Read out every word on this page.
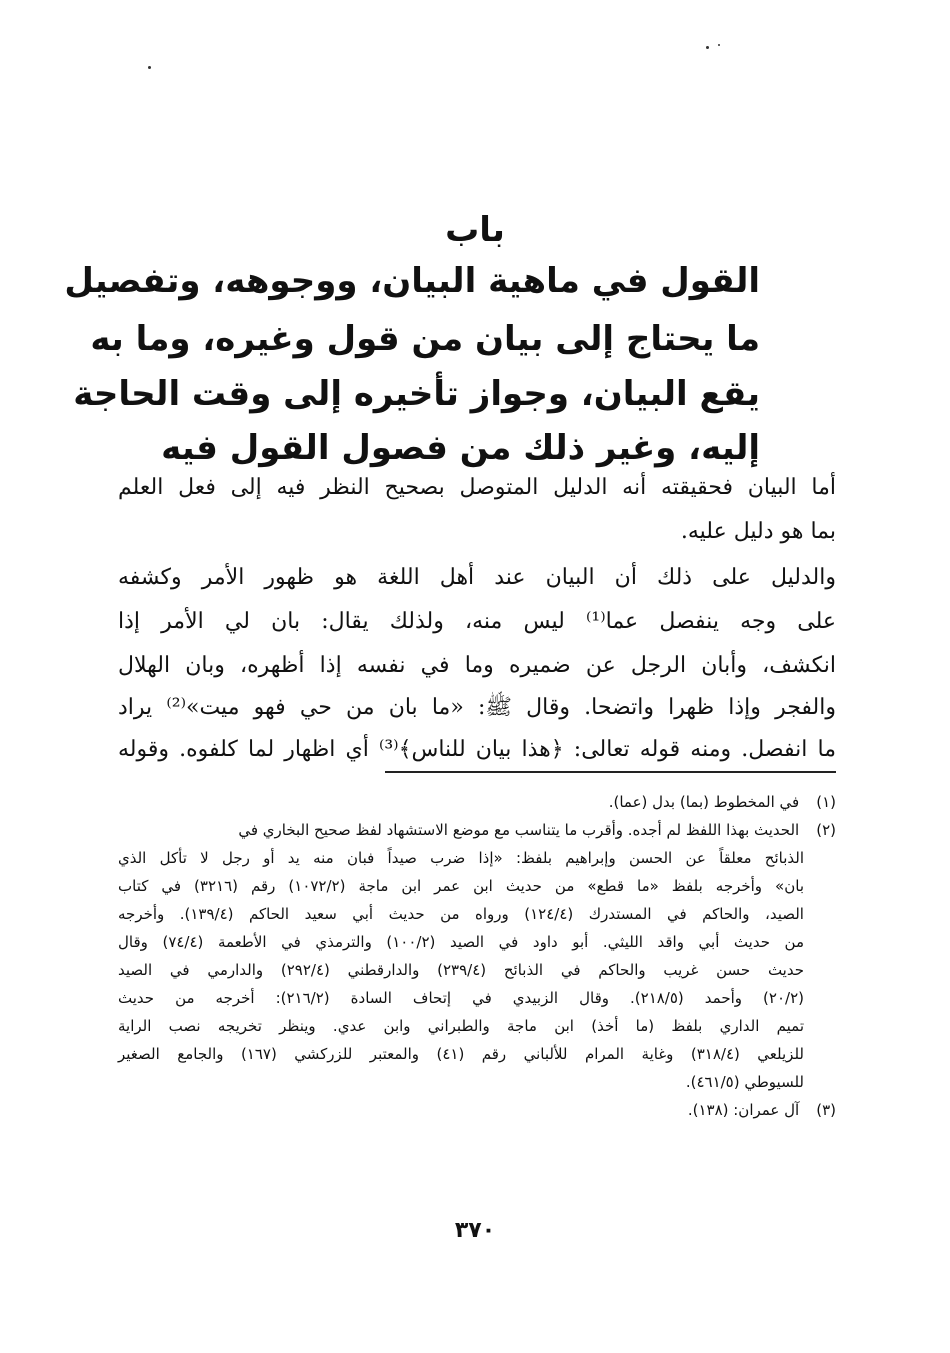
باب
القول في ماهية البيان، ووجوهه، وتفصيل
ما يحتاج إلى بيان من قول وغيره، وما به
يقع البيان، وجواز تأخيره إلى وقت الحاجة
إليه، وغير ذلك من فصول القول فيه
أما البيان فحقيقته أنه الدليل المتوصل بصحيح النظر فيه إلى فعل العلم
بما هو دليل عليه.
والدليل على ذلك أن البيان عند أهل اللغة هو ظهور الأمر وكشفه
على وجه ينفصل عما⁽¹⁾ ليس منه، ولذلك يقال: بان لي الأمر إذا
انكشف، وأبان الرجل عن ضميره وما في نفسه إذا أظهره، وبان الهلال
والفجر وإذا ظهرا واتضحا. وقال ﷺ: «ما بان من حي فهو ميت»⁽²⁾ يراد
ما انفصل. ومنه قوله تعالى: ﴿هذا بيان للناس﴾⁽³⁾ أي اظهار لما كلفوه. وقوله
(١) في المخطوط (بما) بدل (عما).
(٢) الحديث بهذا اللفظ لم أجده. وأقرب ما يتناسب مع موضع الاستشهاد لفظ صحيح البخاري في
الذبائح معلقاً عن الحسن وإبراهيم بلفظ: «إذا ضرب صيداً فبان منه يد أو رجل لا تأكل الذي
بان» وأخرجه بلفظ «ما قطع» من حديث ابن عمر ابن ماجة (١٠٧٢/٢) رقم (٣٢١٦) في كتاب
الصيد، والحاكم في المستدرك (١٢٤/٤) ورواه من حديث أبي سعيد الحاكم (١٣٩/٤). وأخرجه
من حديث أبي واقد الليثي. أبو داود في الصيد (١٠٠/٢) والترمذي في الأطعمة (٧٤/٤) وقال
حديث حسن غريب والحاكم في الذبائح (٢٣٩/٤) والدارقطني (٢٩٢/٤) والدارمي في الصيد
(٢٠/٢) وأحمد (٢١٨/٥). وقال الزبيدي في إتحاف السادة (٢١٦/٢): أخرجه من حديث
تميم الداري بلفظ (ما أخذ) ابن ماجة والطبراني وابن عدي. وينظر تخريجه نصب الراية
للزيلعي (٣١٨/٤) وغاية المرام للألباني رقم (٤١) والمعتبر للزركشي (١٦٧) والجامع الصغير
للسيوطي (٤٦١/٥).
(٣) آل عمران: (١٣٨).
٣٧٠
